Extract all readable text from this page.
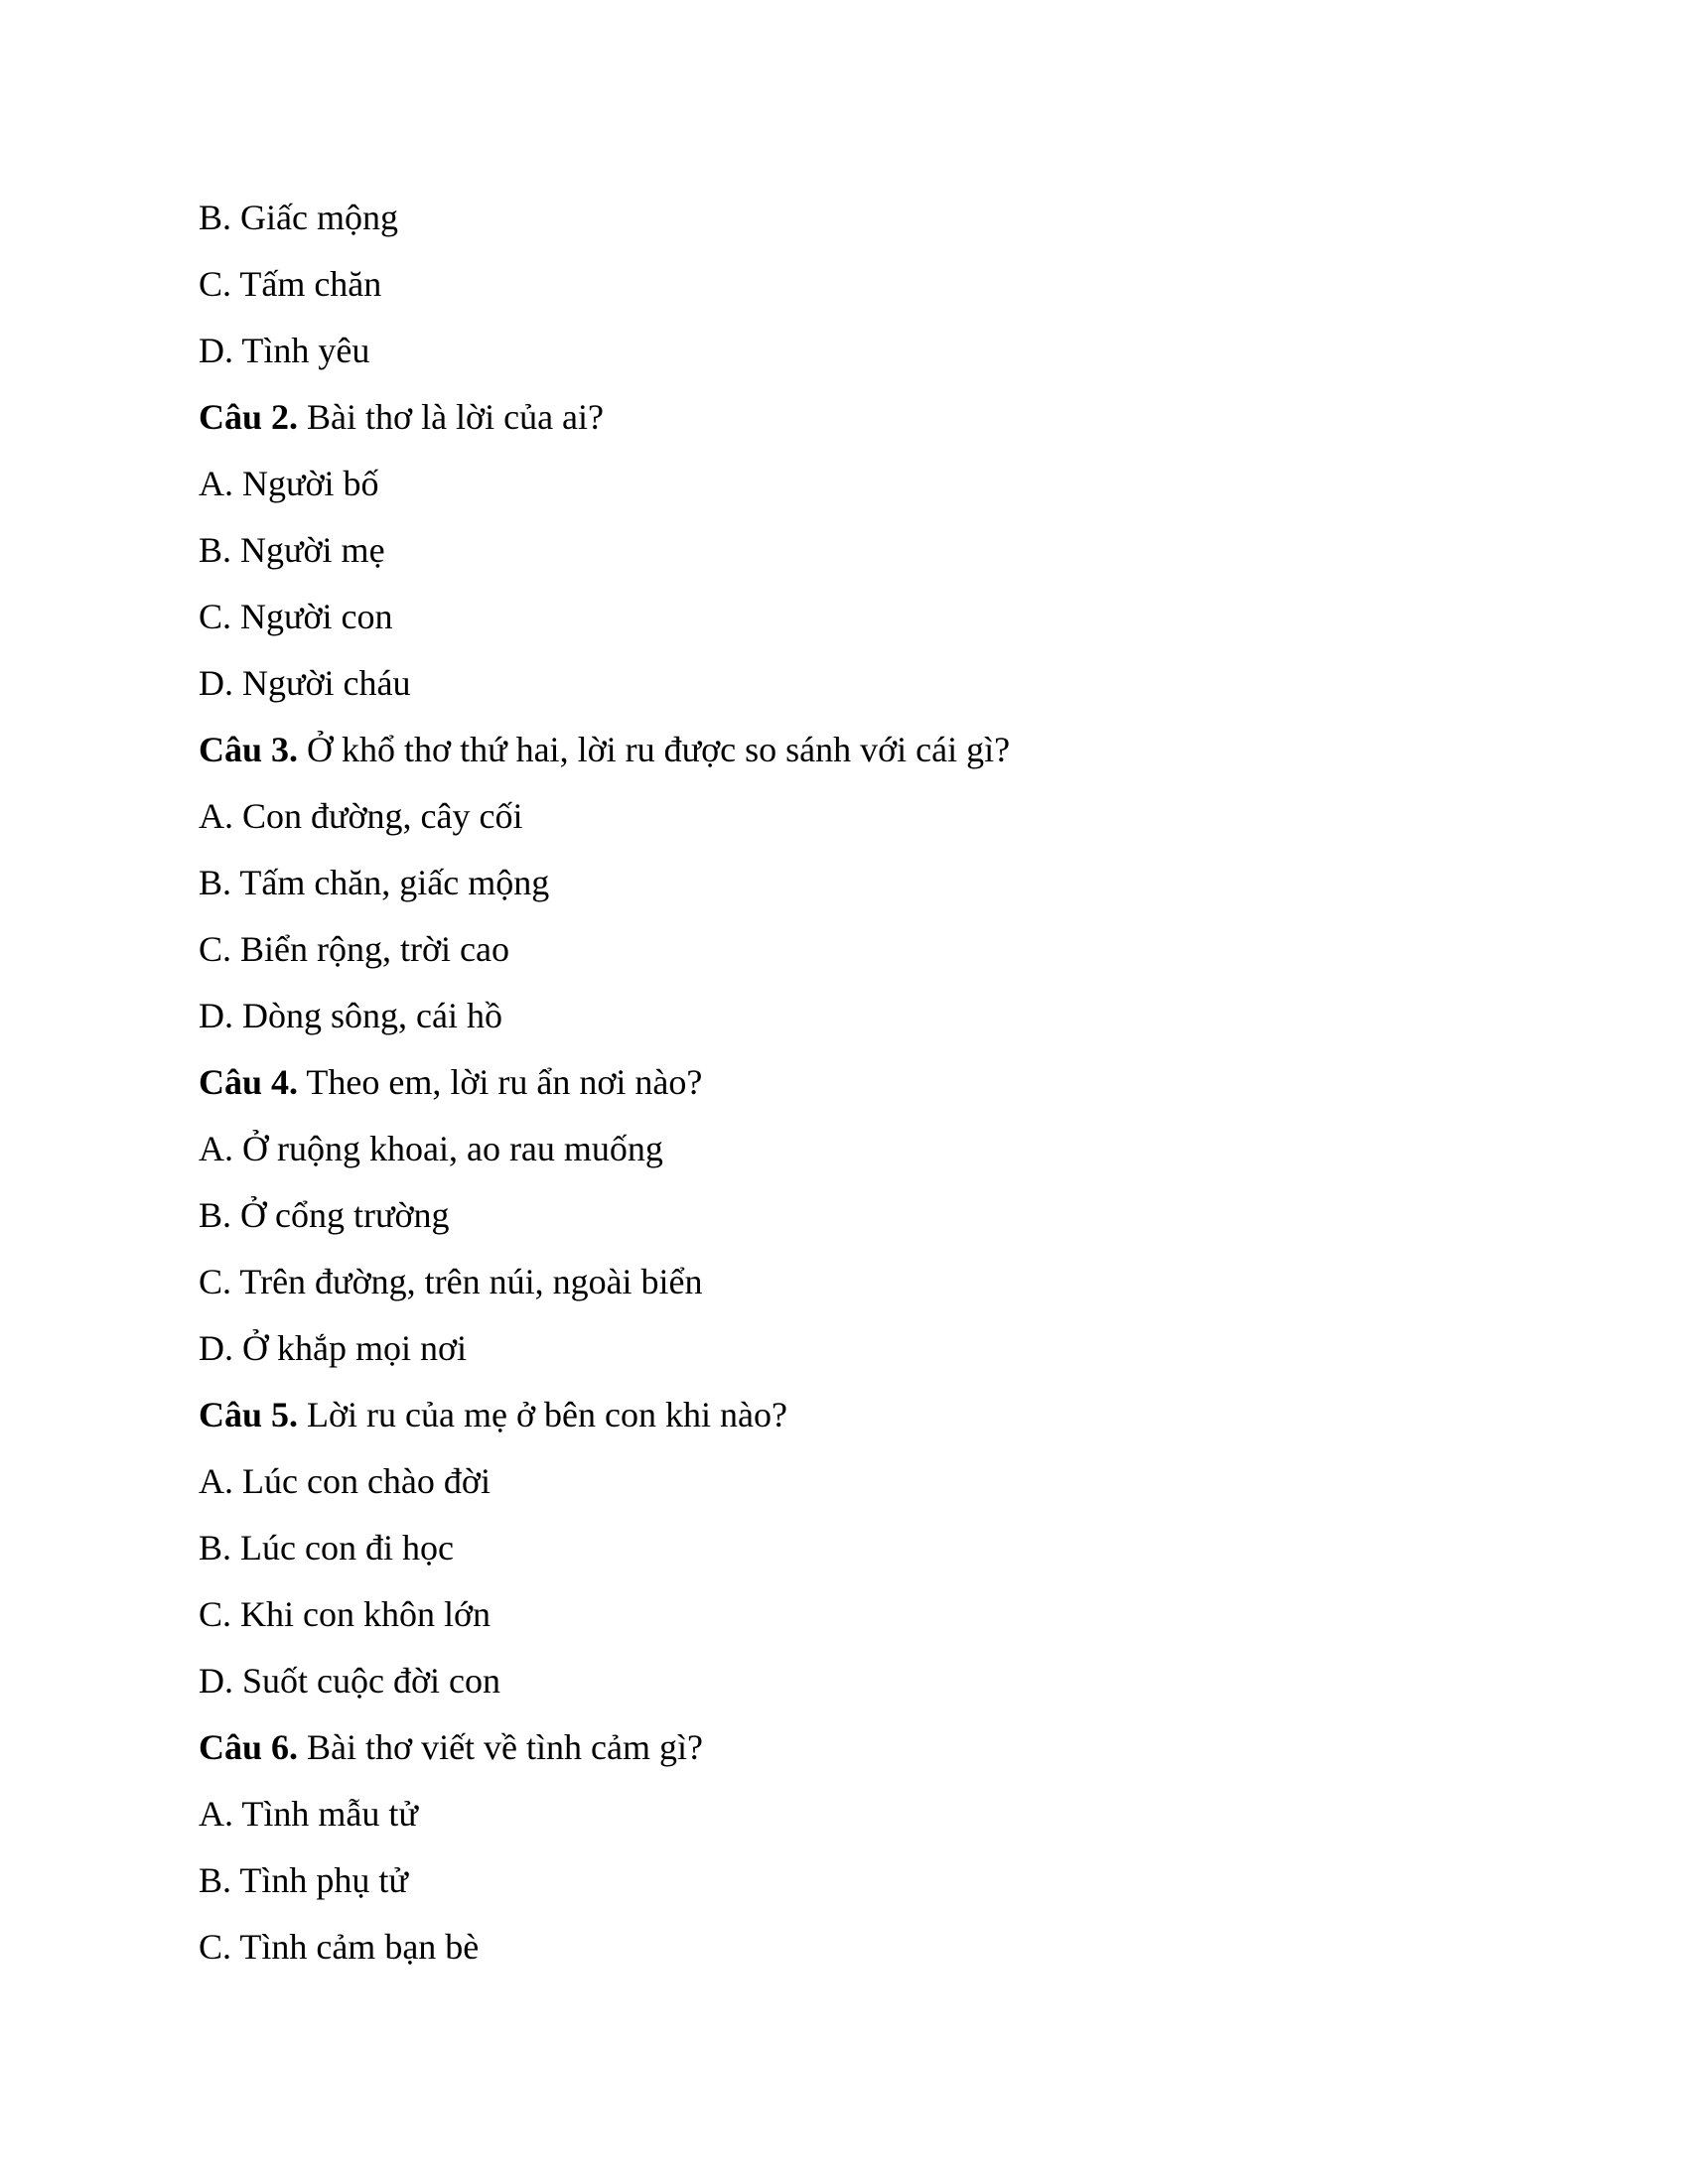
B. Giấc mộng
C. Tấm chăn
D. Tình yêu
Câu 2. Bài thơ là lời của ai?
A. Người bố
B. Người mẹ
C. Người con
D. Người cháu
Câu 3. Ở khổ thơ thứ hai, lời ru được so sánh với cái gì?
A. Con đường, cây cối
B. Tấm chăn, giấc mộng
C. Biển rộng, trời cao
D. Dòng sông, cái hồ
Câu 4. Theo em, lời ru ẩn nơi nào?
A. Ở ruộng khoai, ao rau muống
B. Ở cổng trường
C. Trên đường, trên núi, ngoài biển
D. Ở khắp mọi nơi
Câu 5. Lời ru của mẹ ở bên con khi nào?
A. Lúc con chào đời
B. Lúc con đi học
C. Khi con khôn lớn
D. Suốt cuộc đời con
Câu 6. Bài thơ viết về tình cảm gì?
A. Tình mẫu tử
B. Tình phụ tử
C. Tình cảm bạn bè
